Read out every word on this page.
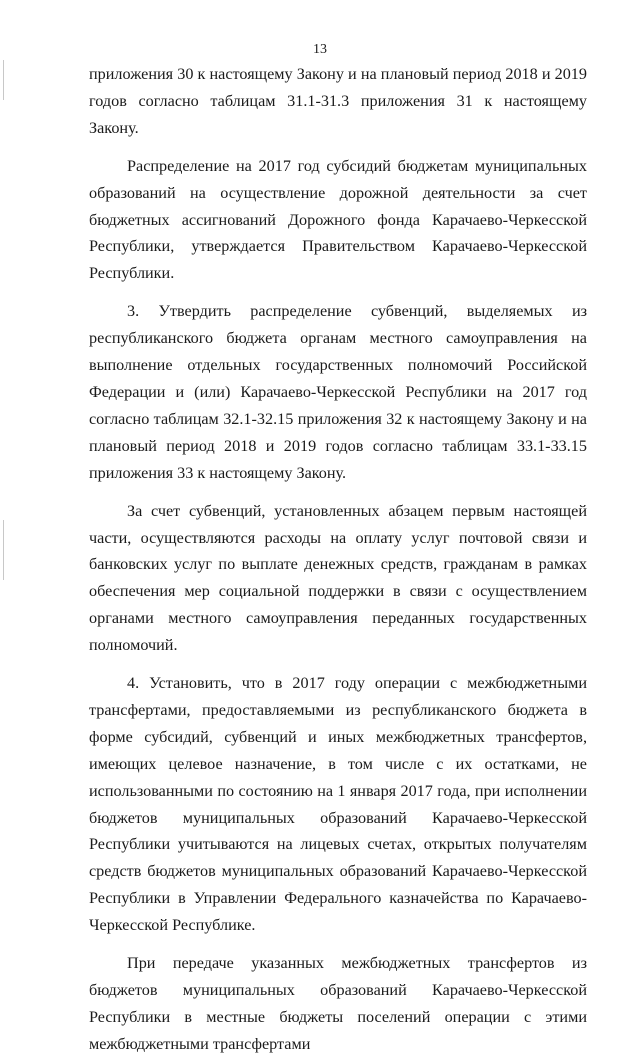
13

приложения 30 к настоящему Закону и на плановый период 2018 и 2019 годов согласно таблицам 31.1-31.3 приложения 31 к настоящему Закону.

Распределение на 2017 год субсидий бюджетам муниципальных образований на осуществление дорожной деятельности за счет бюджетных ассигнований Дорожного фонда Карачаево-Черкесской Республики, утверждается Правительством Карачаево-Черкесской Республики.

3. Утвердить распределение субвенций, выделяемых из республиканского бюджета органам местного самоуправления на выполнение отдельных государственных полномочий Российской Федерации и (или) Карачаево-Черкесской Республики на 2017 год согласно таблицам 32.1-32.15 приложения 32 к настоящему Закону и на плановый период 2018 и 2019 годов согласно таблицам 33.1-33.15 приложения 33 к настоящему Закону.

За счет субвенций, установленных абзацем первым настоящей части, осуществляются расходы на оплату услуг почтовой связи и банковских услуг по выплате денежных средств, гражданам в рамках обеспечения мер социальной поддержки в связи с осуществлением органами местного самоуправления переданных государственных полномочий.

4. Установить, что в 2017 году операции с межбюджетными трансфертами, предоставляемыми из республиканского бюджета в форме субсидий, субвенций и иных межбюджетных трансфертов, имеющих целевое назначение, в том числе с их остатками, не использованными по состоянию на 1 января 2017 года, при исполнении бюджетов муниципальных образований Карачаево-Черкесской Республики учитываются на лицевых счетах, открытых получателям средств бюджетов муниципальных образований Карачаево-Черкесской Республики в Управлении Федерального казначейства по Карачаево-Черкесской Республике.

При передаче указанных межбюджетных трансфертов из бюджетов муниципальных образований Карачаево-Черкесской Республики в местные бюджеты поселений операции с этими межбюджетными трансфертами
